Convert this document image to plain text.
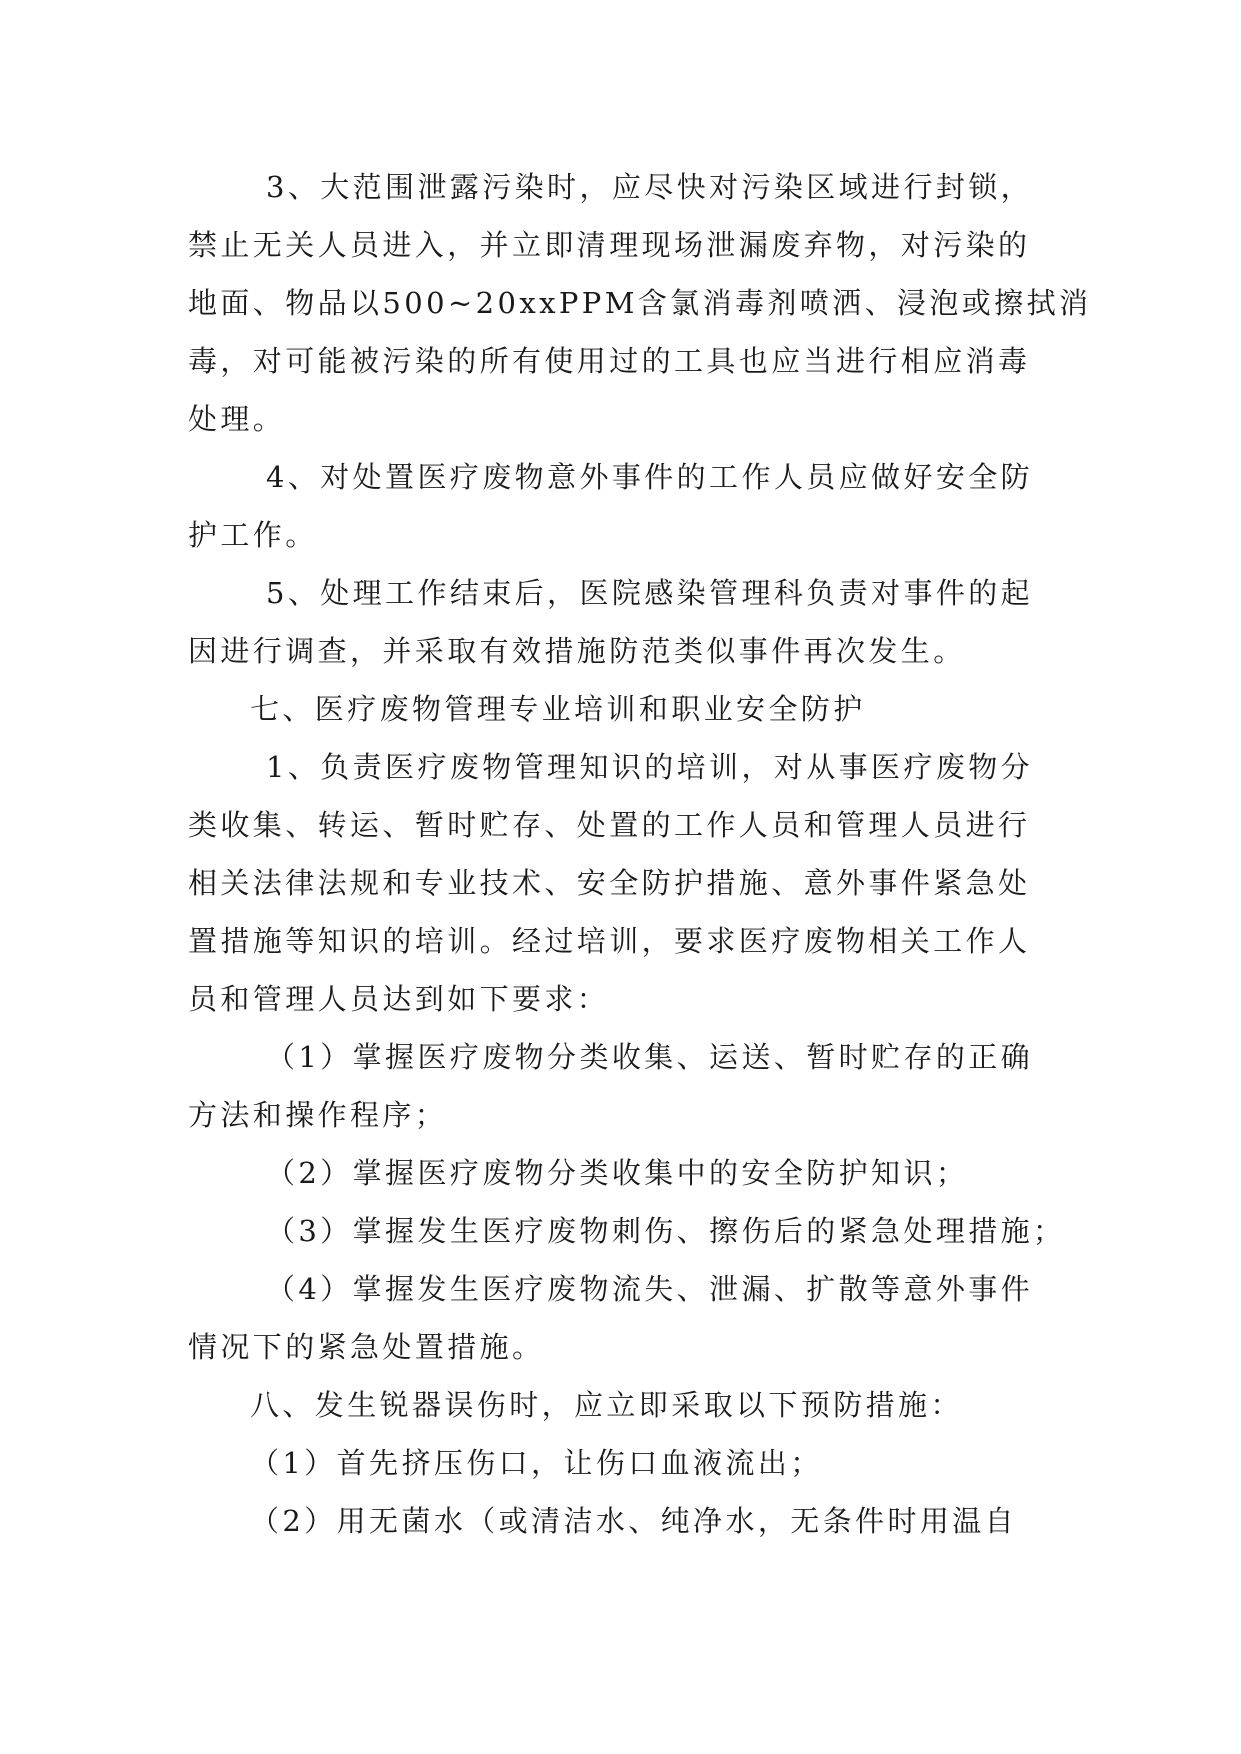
3、大范围泄露污染时，应尽快对污染区域进行封锁，
禁止无关人员进入，并立即清理现场泄漏废弃物，对污染的
地面、物品以500~20xxPPM含氯消毒剂喷洒、浸泡或擦拭消
毒，对可能被污染的所有使用过的工具也应当进行相应消毒
处理。
4、对处置医疗废物意外事件的工作人员应做好安全防
护工作。
5、处理工作结束后，医院感染管理科负责对事件的起
因进行调查，并采取有效措施防范类似事件再次发生。
七、医疗废物管理专业培训和职业安全防护
1、负责医疗废物管理知识的培训，对从事医疗废物分
类收集、转运、暂时贮存、处置的工作人员和管理人员进行
相关法律法规和专业技术、安全防护措施、意外事件紧急处
置措施等知识的培训。经过培训，要求医疗废物相关工作人
员和管理人员达到如下要求：
（1）掌握医疗废物分类收集、运送、暂时贮存的正确
方法和操作程序；
（2）掌握医疗废物分类收集中的安全防护知识；
（3）掌握发生医疗废物刺伤、擦伤后的紧急处理措施；
（4）掌握发生医疗废物流失、泄漏、扩散等意外事件
情况下的紧急处置措施。
八、发生锐器误伤时，应立即采取以下预防措施：
（1）首先挤压伤口，让伤口血液流出；
（2）用无菌水（或清洁水、纯净水，无条件时用温自
